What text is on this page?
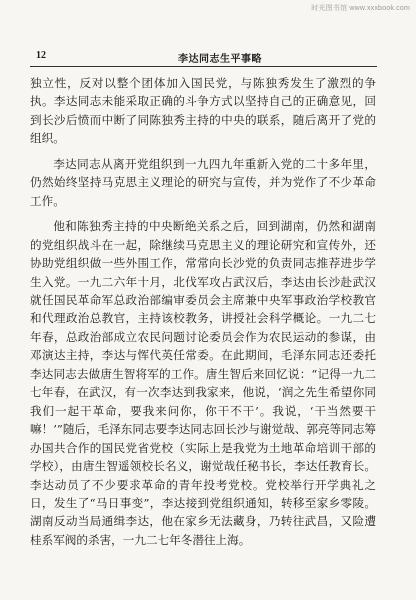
时光图书馆 www.xxxbook.com
12	李达同志生平事略

独立性，反对以整个团体加入国民党，与陈独秀发生了激烈的争执。李达同志未能采取正确的斗争方式以坚持自己的正确意见，回到长沙后愤而中断了同陈独秀主持的中央的联系，随后离开了党的组织。

李达同志从离开党组织到一九四九年重新入党的二十多年里，仍然始终坚持马克思主义理论的研究与宣传，并为党作了不少革命工作。

他和陈独秀主持的中央断绝关系之后，回到湖南，仍然和湖南的党组织战斗在一起，除继续马克思主义的理论研究和宣传外，还协助党组织做一些外围工作，常常向长沙党的负责同志推荐进步学生入党。一九二六年十月，北伐军攻占武汉后，李达由长沙赴武汉就任国民革命军总政治部编审委员会主席兼中央军事政治学校教官和代理政治总教官，主持该校教务，讲授社会科学概论。一九二七年春，总政治部成立农民问题讨论委员会作为农民运动的参谋，由邓演达主持，李达与恽代英任常委。在此期间，毛泽东同志还委托李达同志去做唐生智将军的工作。唐生智后来回忆说：“记得一九二七年春，在武汉，有一次李达到我家来，他说，‘润之先生希望你同我们一起干革命，要我来问你，你干不干’。我说，‘干当然要干嘛！’”随后，毛泽东同志要李达同志回长沙与谢觉哉、郭亮等同志筹办国共合作的国民党省党校（实际上是我党为土地革命培训干部的学校），由唐生智遥领校长名义，谢觉哉任秘书长，李达任教育长。李达动员了不少要求革命的青年投考党校。党校举行开学典礼之日，发生了“马日事变”，李达接到党组织通知，转移至家乡零陵。湖南反动当局通缉李达，他在家乡无法藏身，乃转往武昌，又险遭桂系军阀的杀害，一九二七年冬潜往上海。
